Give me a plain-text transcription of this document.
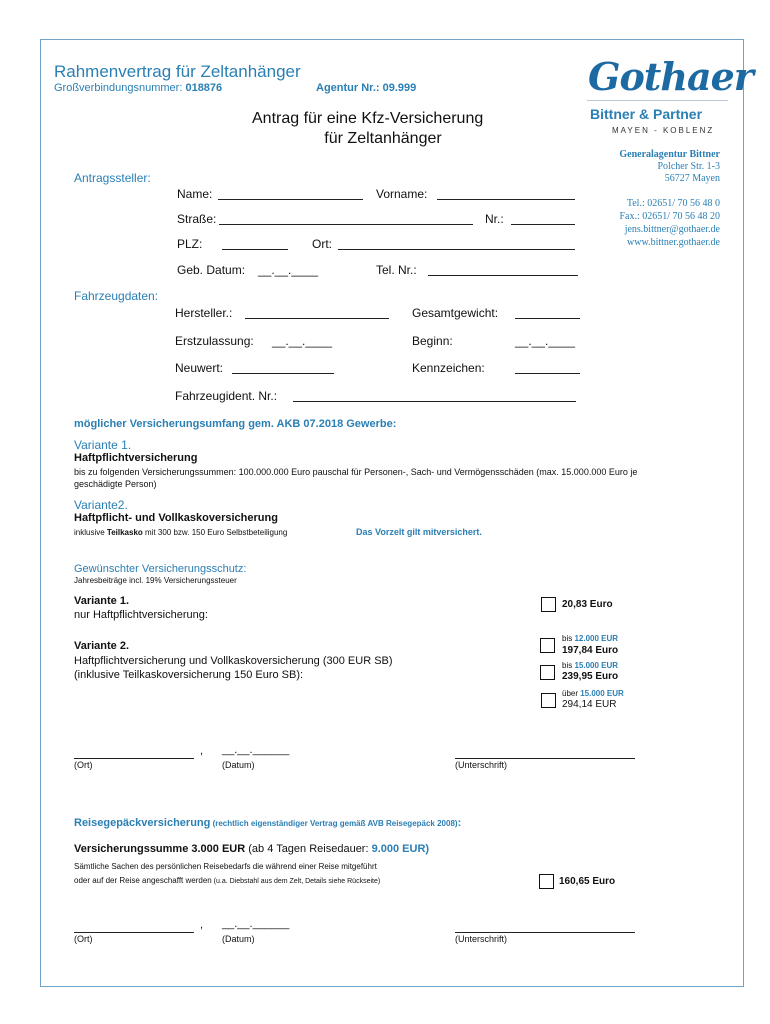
Rahmenvertrag für Zeltanhänger
Großverbindungsnummer: 018876	Agentur Nr.: 09.999
Antrag für eine Kfz-Versicherung
für Zeltanhänger
Gothaer
Bittner & Partner
MAYEN - KOBLENZ
Generalagentur Bittner
Polcher Str. 1-3
56727 Mayen
Tel.: 02651/ 70 56 48 0
Fax.: 02651/ 70 56 48 20
jens.bittner@gothaer.de
www.bittner.gothaer.de
Antragssteller:
Name:	Vorname:
Straße:	Nr.:
PLZ:	Ort:
Geb. Datum: __.__.____	Tel. Nr.:
Fahrzeugdaten:
Hersteller.:	Gesamtgewicht:
Erstzulassung: __.__.____	Beginn:	__.__.____
Neuwert:	Kennzeichen:
Fahrzeugident. Nr.:
möglicher Versicherungsumfang gem. AKB 07.2018 Gewerbe:
Variante 1.
Haftpflichtversicherung
bis zu folgenden Versicherungssummen: 100.000.000 Euro pauschal für Personen-, Sach- und Vermögensschäden (max. 15.000.000 Euro je
geschädigte Person)
Variante2.
Haftpflicht- und Vollkaskoversicherung
inklusive Teilkasko mit 300 bzw. 150 Euro Selbstbeteiligung	Das Vorzelt gilt mitversichert.
Gewünschter Versicherungsschutz:
Jahresbeiträge incl. 19% Versicherungssteuer
Variante 1.
nur Haftpflichtversicherung:
20,83 Euro
Variante 2.
Haftpflichtversicherung und Vollkaskoversicherung (300 EUR SB)
(inklusive Teilkaskoversicherung 150 Euro SB):
bis 12.000 EUR
197,84 Euro
bis 15.000 EUR
239,95 Euro
über 15.000 EUR
294,14 EUR
, __.__.______
(Ort)	(Datum)	(Unterschrift)
Reisegepäckversicherung (rechtlich eigenständiger Vertrag gemäß AVB Reisegepäck 2008):
Versicherungssumme 3.000 EUR (ab 4 Tagen Reisedauer: 9.000 EUR)
Sämtliche Sachen des persönlichen Reisebedarfs die während einer Reise mitgeführt
oder auf der Reise angeschafft werden (u.a. Diebstahl aus dem Zelt, Details siehe Rückseite)	160,65 Euro
, __.__.______
(Ort)	(Datum)	(Unterschrift)
